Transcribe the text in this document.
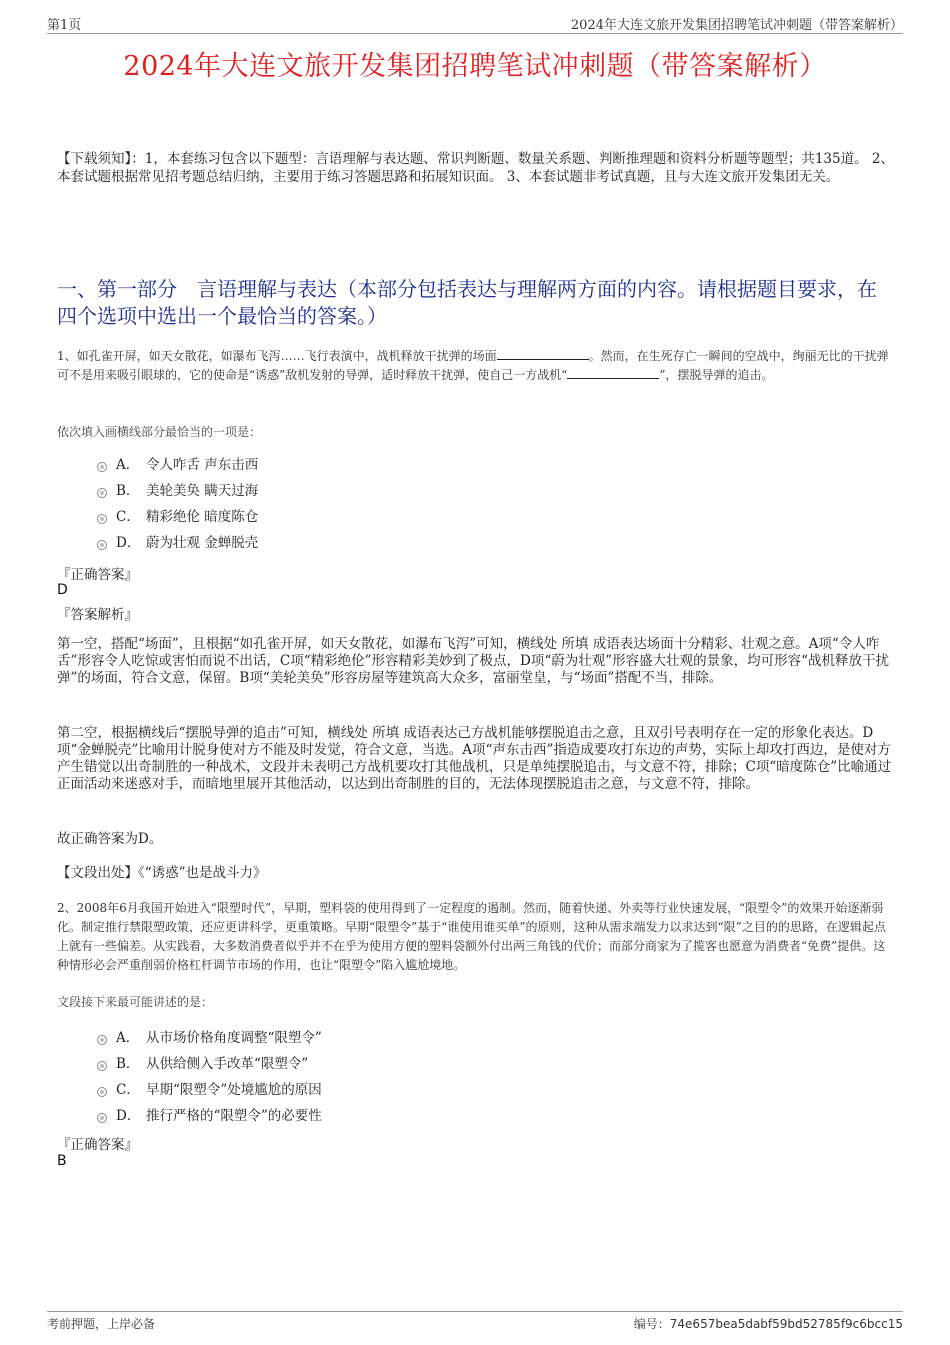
第1页	2024年大连文旅开发集团招聘笔试冲刺题（带答案解析）
2024年大连文旅开发集团招聘笔试冲刺题（带答案解析）
【下载须知】：1，本套练习包含以下题型：言语理解与表达题、常识判断题、数量关系题、判断推理题和资料分析题等题型；共135道。 2、本套试题根据常见招考题总结归纳，主要用于练习答题思路和拓展知识面。 3、本套试题非考试真题，且与大连文旅开发集团无关。
一、第一部分　言语理解与表达（本部分包括表达与理解两方面的内容。请根据题目要求，在四个选项中选出一个最恰当的答案。）
1、如孔雀开屏，如天女散花，如瀑布飞泻……飞行表演中，战机释放干扰弹的场面	。然而，在生死存亡一瞬间的空战中，绚丽无比的干扰弹可不是用来吸引眼球的，它的使命是“诱惑”敌机发射的导弹，适时释放干扰弹，使自己一方战机“	”，摆脱导弹的追击。
依次填入画横线部分最恰当的一项是：
A． 令人咋舌 声东击西
B． 美轮美奂 瞒天过海
C． 精彩绝伦 暗度陈仓
D． 蔚为壮观 金蝉脱壳
『正确答案』
D
『答案解析』
第一空，搭配“场面”，且根据“如孔雀开屏，如天女散花，如瀑布飞泻”可知，横线处 所填 成语表达场面十分精彩、壮观之意。A项“令人咋舌”形容令人吃惊或害怕而说不出话，C项“精彩绝伦”形容精彩美妙到了极点，D项“蔚为壮观”形容盛大壮观的景象，均可形容“战机释放干扰弹”的场面，符合文意，保留。B项“美轮美奂”形容房屋等建筑高大众多，富丽堂皇，与“场面”搭配不当，排除。
第二空，根据横线后“摆脱导弹的追击”可知，横线处 所填 成语表达己方战机能够摆脱追击之意，且双引号表明存在一定的形象化表达。D项“金蝉脱壳”比喻用计脱身使对方不能及时发觉，符合文意，当选。A项“声东击西”指造成要攻打东边的声势，实际上却攻打西边，是使对方产生错觉以出奇制胜的一种战术，文段并未表明己方战机要攻打其他战机，只是单纯摆脱追击，与文意不符，排除；C项“暗度陈仓”比喻通过正面活动来迷惑对手，而暗地里展开其他活动，以达到出奇制胜的目的，无法体现摆脱追击之意，与文意不符，排除。
故正确答案为D。
【文段出处】《“诱惑”也是战斗力》
2、2008年6月我国开始进入“限塑时代”，早期，塑料袋的使用得到了一定程度的遏制。然而，随着快递、外卖等行业快速发展，“限塑令”的效果开始逐渐弱化。制定推行禁限塑政策，还应更讲科学，更重策略。早期“限塑令”基于“谁使用谁买单”的原则，这种从需求端发力以求达到“限”之目的的思路，在逻辑起点上就有一些偏差。从实践看，大多数消费者似乎并不在乎为使用方便的塑料袋额外付出两三角钱的代价；而部分商家为了揽客也愿意为消费者“免费”提供。这种情形必会严重削弱价格杠杆调节市场的作用，也让“限塑令”陷入尴尬境地。
文段接下来最可能讲述的是：
A． 从市场价格角度调整“限塑令”
B． 从供给侧入手改革“限塑令”
C． 早期“限塑令”处境尴尬的原因
D． 推行严格的“限塑令”的必要性
『正确答案』
B
考前押题，上岸必备	编号：74e657bea5dabf59bd52785f9c6bcc15
